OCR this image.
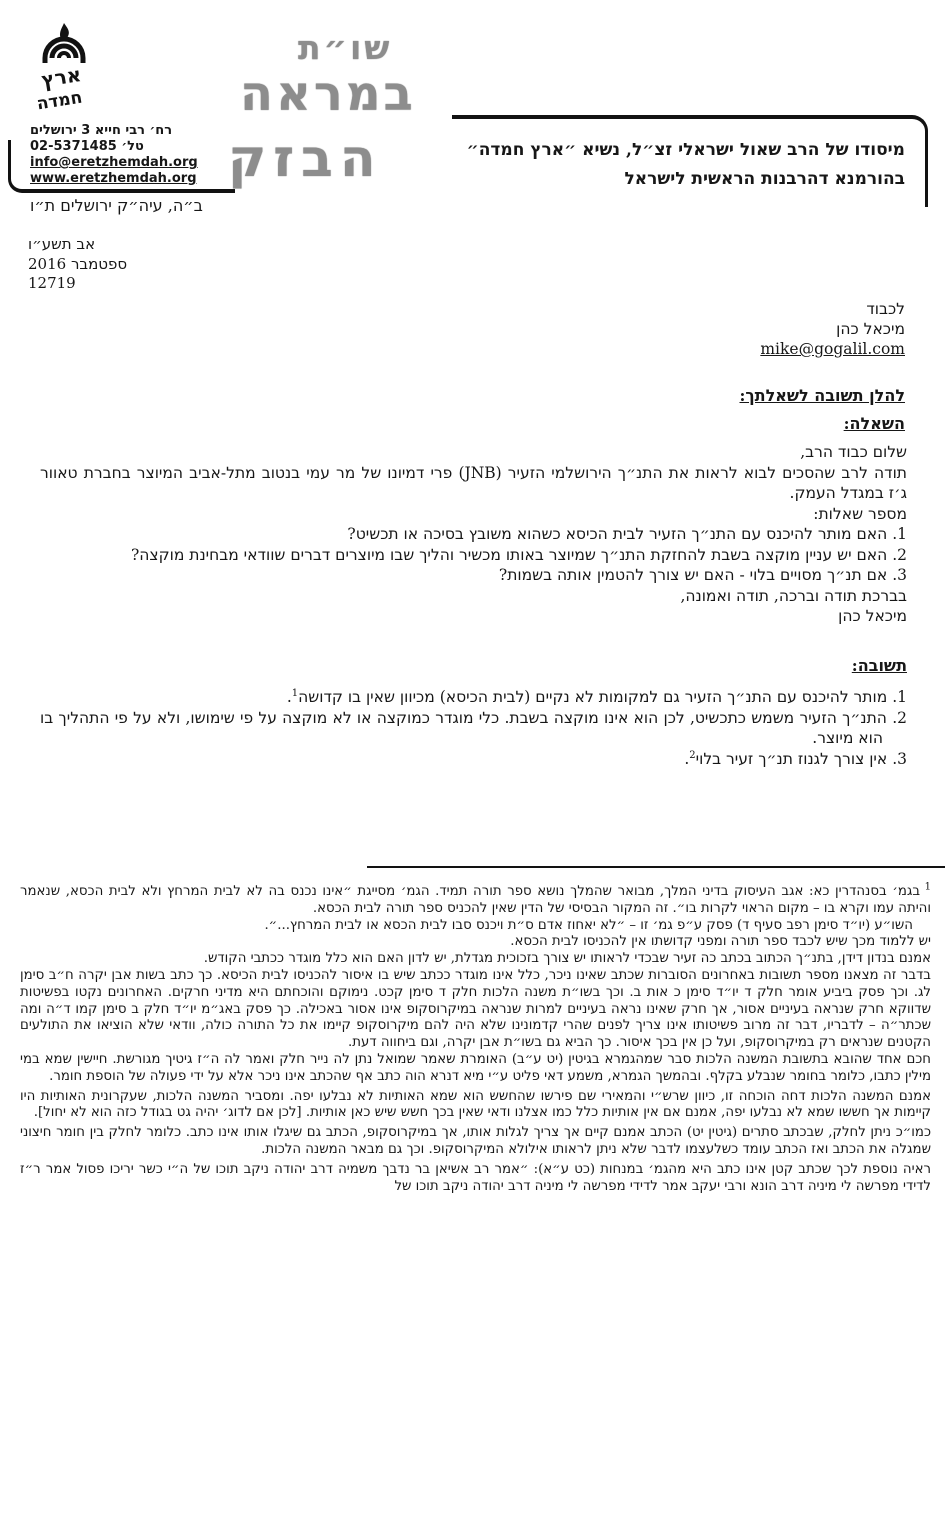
ארץ
חמדה
רח׳ רבי חייא 3 ירושלים
טל׳ 02-5371485
info@eretzhemdah.org
www.eretzhemdah.org
ב״ה, עיה״ק ירושלים ת״ו
שו״ת
במראה
הבזק	מיסודו של הרב שאול ישראלי זצ״ל, נשיא ״ארץ חמדה״
בהורמנא דהרבנות הראשית לישראל
אב תשע״ו
ספטמבר 2016
12719
לכבוד
מיכאל כהן
mike@gogalil.com
להלן תשובה לשאלתך:
השאלה:

שלום כבוד הרב,

תודה לרב שהסכים לבוא לראות את התנ״ך הירושלמי הזעיר (JNB) פרי דמיונו של מר עמי בנטוב מתל-אביב המיוצר בחברת טאוור ג׳ז במגדל העמק.

מספר שאלות:

1. האם מותר להיכנס עם התנ״ך הזעיר לבית הכיסא כשהוא משובץ בסיכה או תכשיט?

2. האם יש עניין מוקצה בשבת להחזקת התנ״ך שמיוצר באותו מכשיר והליך שבו מיוצרים דברים שוודאי מבחינת מוקצה?

3. אם תנ״ך מסויים בלוי - האם יש צורך להטמין אותה בשמות?

בברכת תודה וברכה, תודה ואמונה,

מיכאל כהן

תשובה:

1. מותר להיכנס עם התנ״ך הזעיר גם למקומות לא נקיים (לבית הכיסא) מכיוון שאין בו קדושה$^1$.

2. התנ״ך הזעיר משמש כתכשיט, לכן הוא אינו מוקצה בשבת. כלי מוגדר כמוקצה או לא מוקצה על פי שימושו, ולא על פי התהליך בו הוא מיוצר.

3. אין צורך לגנוז תנ״ך זעיר בלוי$^2$.

$^1$ בגמ׳ בסנהדרין כא: אגב העיסוק בדיני המלך, מבואר שהמלך נושא ספר תורה תמיד. הגמ׳ מסייגת ״אינו נכנס בה לא לבית המרחץ ולא לבית הכסא, שנאמר והיתה עמו וקרא בו – מקום הראוי לקרות בו״. זה המקור הבסיסי של הדין שאין להכניס ספר תורה לבית הכסא.

השו״ע (יו״ד סימן רפב סעיף ד) פסק ע״פ גמ׳ זו – ״לא יאחוז אדם ס״ת ויכנס סבו לבית הכסא או לבית המרחץ...״.

יש ללמוד מכך שיש לכבד ספר תורה ומפני קדושתו אין להכניסו לבית הכסא.

אמנם בנדון דידן, בתנ״ך הכתוב בכתב כה זעיר שבכדי לראותו יש צורך בזכוכית מגדלת, יש לדון האם הוא כלל מוגדר ככתבי הקודש.

בדבר זה מצאנו מספר תשובות באחרונים הסוברות שכתב שאינו ניכר, כלל אינו מוגדר ככתב שיש בו איסור להכניסו לבית הכיסא. כך כתב בשות אבן יקרה ח״ב סימן לג. וכך פסק ביביע אומר חלק ד יו״ד סימן כ אות ב. וכך בשו״ת משנה הלכות חלק ד סימן קכט. נימוקם והוכחתם היא מדיני חרקים. האחרונים נקטו בפשיטות שדווקא חרק שנראה בעיניים אסור, אך חרק שאינו נראה בעיניים למרות שנראה במיקרוסקופ אינו אסור באכילה. כך פסק באג״מ יו״ד חלק ב סימן קמו ד״ה ומה שכתר״ה – לדבריו, דבר זה מרוב פשיטותו אינו צריך לפנים שהרי קדמונינו שלא היה להם מיקרוסקופ קיימו את כל התורה כולה, וודאי שלא הוציאו את התולעים הקטנים שנראים רק במיקרוסקופ, ועל כן אין בכך איסור. כך הביא גם בשו״ת אבן יקרה, וגם ביחווה דעת.

חכם אחד שהובא בתשובת המשנה הלכות סבר שמהגמרא בגיטין (יט ע״ב) האומרת שאמר שמואל נתן לה נייר חלק ואמר לה ה״ז גיטיך מגורשת. חיישין שמא במי מילין כתבו, כלומר בחומר שנבלע בקלף. ובהמשך הגמרא, משמע דאי פליט ע״י מיא דנרא הוה כתב אף שהכתב אינו ניכר אלא על ידי פעולה של הוספת חומר.

אמנם המשנה הלכות דחה הוכחה זו, כיוון שרש״י והמאירי שם פירשו שהחשש הוא שמא האותיות לא נבלעו יפה. ומסביר המשנה הלכות, שעקרונית האותיות היו קיימות אך חששו שמא לא נבלעו יפה, אמנם אם אין אותיות כלל כמו אצלנו ודאי שאין בכך חשש שיש כאן אותיות. [לכן אם לדוג׳ יהיה גט בגודל כזה הוא לא יחול].

כמו״כ ניתן לחלק, שבכתב סתרים (גיטין יט) הכתב אמנם קיים אך צריך לגלות אותו, אך במיקרוסקופ, הכתב גם שיגלו אותו אינו כתב. כלומר לחלק בין חומר חיצוני שמגלה את הכתב ואז הכתב עומד כשלעצמו לדבר שלא ניתן לראותו אילולא המיקרוסקופ. וכך גם מבאר המשנה הלכות.

ראיה נוספת לכך שכתב קטן אינו כתב היא מהגמ׳ במנחות (כט ע״א): ״אמר רב אשיאן בר נדבך משמיה דרב יהודה ניקב תוכו של ה״י כשר יריכו פסול אמר ר״ז לדידי מפרשה לי מיניה דרב הונא ורבי יעקב אמר לדידי מפרשה לי מיניה דרב יהודה ניקב תוכו של
